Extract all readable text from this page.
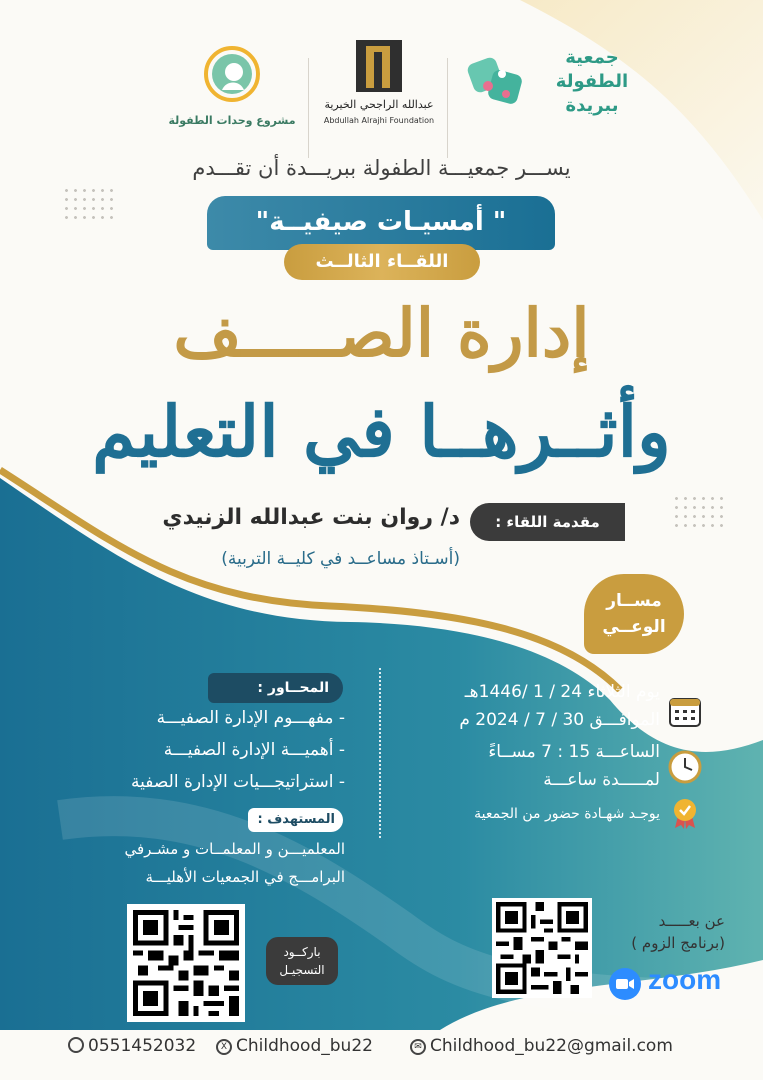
جمعية الطفولة ببريدة
عبدالله الراجحي الخيرية
Abdullah Alrajhi Foundation
مشروع وحدات الطفولة
يســـر جمعيـــة الطفولة ببريـــدة أن تقـــدم
" أمسيـات صيفيــة"
اللقــاء الثالــث
إدارة الصـــــف
وأثــرهــا في التعليم
مقدمة اللقاء :
د/ روان بنت عبدالله الزنيدي
(أسـتاذ مساعــد في كليــة التربية)
مســار
الوعــي
المحــاور :
- مفهـــوم الإدارة الصفيـــة
- أهميـــة الإدارة الصفيـــة
- استراتيجـــيات الإدارة الصفية
المستهدف :
المعلميـــن و المعلمــات و مشـرفي
البرامـــج في الجمعيات الأهليـــة
يوم الثلاثاء 24 / 1 /1446هـ
الموافـــق 30 / 7 / 2024 م
الساعـــة 15 : 7 مســاءً
لمـــــدة ساعـــة
يوجـد شهـادة حضور من الجمعية
باركــود
التسجيـل
عن بعـــــد
(برنامج الزوم )
zoom
0551452032	X Childhood_bu22	✉ Childhood_bu22@gmail.com
